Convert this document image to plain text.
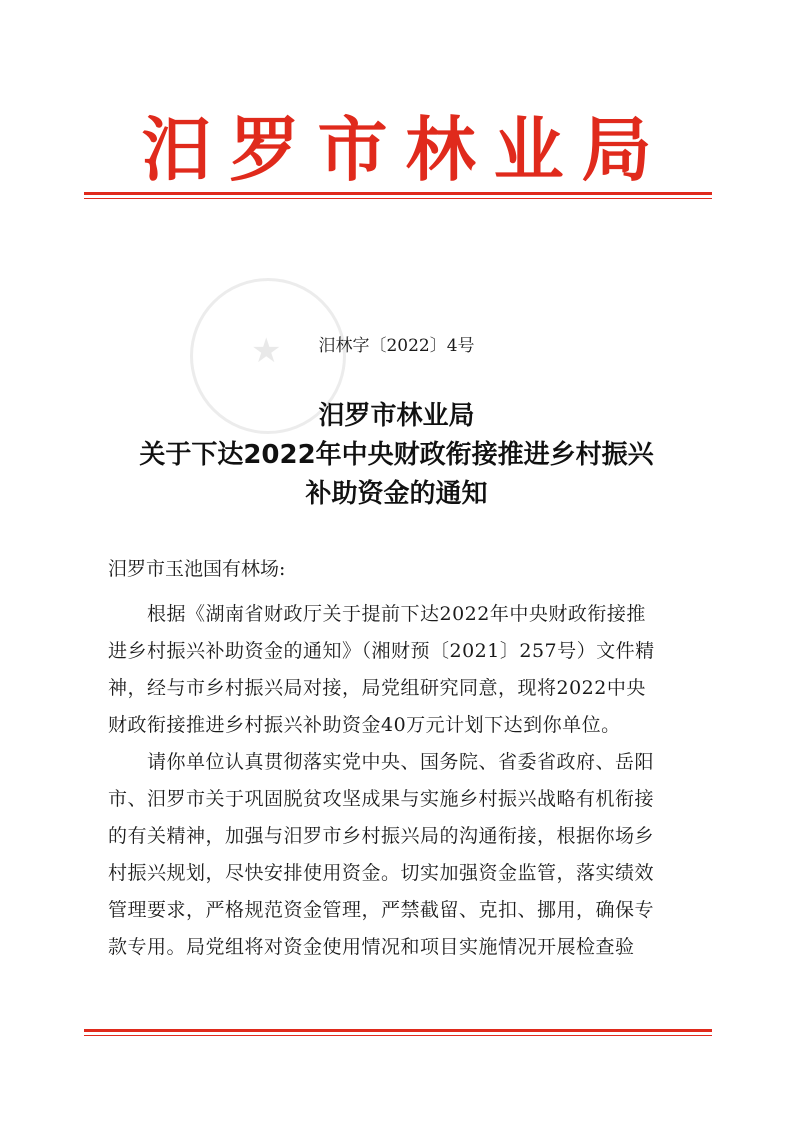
汨罗市林业局
★	汨林字〔2022〕4号
汨罗市林业局
关于下达2022年中央财政衔接推进乡村振兴
补助资金的通知
汨罗市玉池国有林场:
　　根据《湖南省财政厅关于提前下达2022年中央财政衔接推
进乡村振兴补助资金的通知》（湘财预〔2021〕257号）文件精
神，经与市乡村振兴局对接，局党组研究同意，现将2022中央
财政衔接推进乡村振兴补助资金40万元计划下达到你单位。
　　请你单位认真贯彻落实党中央、国务院、省委省政府、岳阳
市、汨罗市关于巩固脱贫攻坚成果与实施乡村振兴战略有机衔接
的有关精神，加强与汨罗市乡村振兴局的沟通衔接，根据你场乡
村振兴规划，尽快安排使用资金。切实加强资金监管，落实绩效
管理要求，严格规范资金管理，严禁截留、克扣、挪用，确保专
款专用。局党组将对资金使用情况和项目实施情况开展检查验
